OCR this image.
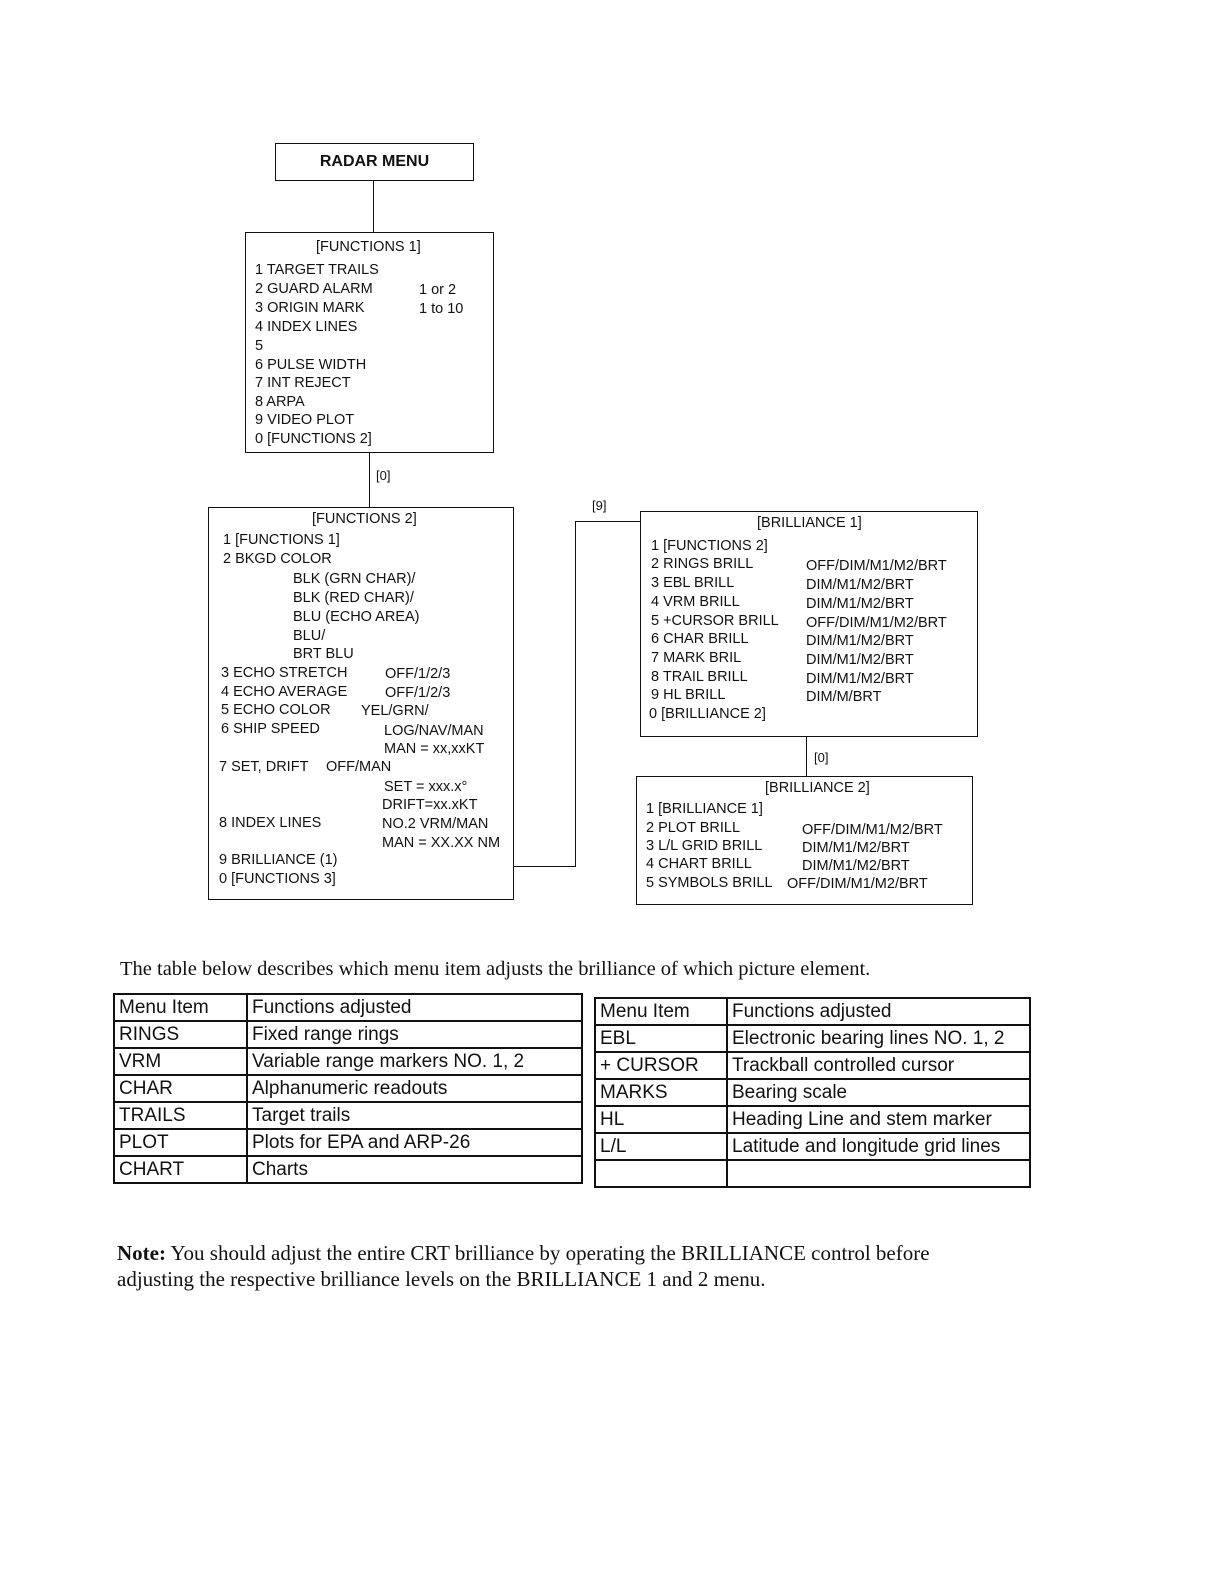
RADAR MENU
[FUNCTIONS 1]
1 TARGET TRAILS
2 GUARD ALARM	1 or 2
3 ORIGIN MARK	1 to 10
4 INDEX LINES
5
6 PULSE WIDTH
7 INT REJECT
8 ARPA
9 VIDEO PLOT
0 [FUNCTIONS 2]
[0]
[FUNCTIONS 2]
1 [FUNCTIONS 1]
2 BKGD COLOR
BLK (GRN CHAR)/
BLK (RED CHAR)/
BLU (ECHO AREA)
BLU/
BRT BLU
3 ECHO STRETCH	OFF/1/2/3
4 ECHO AVERAGE	OFF/1/2/3
5 ECHO COLOR YEL/GRN/
6 SHIP SPEED	LOG/NAV/MAN
MAN = xx,xxKT
7 SET, DRIFT OFF/MAN
SET = xxx.x°
DRIFT=xx.xKT
8 INDEX LINES	NO.2 VRM/MAN
MAN = XX.XX NM
9 BRILLIANCE (1)
0 [FUNCTIONS 3]
[9]
[BRILLIANCE 1]
1 [FUNCTIONS 2]
2 RINGS BRILL	OFF/DIM/M1/M2/BRT
3 EBL BRILL	DIM/M1/M2/BRT
4 VRM BRILL	DIM/M1/M2/BRT
5 +CURSOR BRILL OFF/DIM/M1/M2/BRT
6 CHAR BRILL	DIM/M1/M2/BRT
7 MARK BRIL	DIM/M1/M2/BRT
8 TRAIL BRILL	DIM/M1/M2/BRT
9 HL BRILL	DIM/M/BRT
0 [BRILLIANCE 2]
[0]
[BRILLIANCE 2]
1 [BRILLIANCE 1]
2 PLOT BRILL	OFF/DIM/M1/M2/BRT
3 L/L GRID BRILL	DIM/M1/M2/BRT
4 CHART BRILL	DIM/M1/M2/BRT
5 SYMBOLS BRILL OFF/DIM/M1/M2/BRT
The table below describes which menu item adjusts the brilliance of which picture element.
Menu Item	Functions adjusted
RINGS	Fixed range rings
VRM	Variable range markers NO. 1, 2
CHAR	Alphanumeric readouts
TRAILS	Target trails
PLOT	Plots for EPA and ARP-26
CHART	Charts
Menu Item	Functions adjusted
EBL	Electronic bearing lines NO. 1, 2
+ CURSOR	Trackball controlled cursor
MARKS	Bearing scale
HL	Heading Line and stem marker
L/L	Latitude and longitude grid lines

Note: You should adjust the entire CRT brilliance by operating the BRILLIANCE control before
adjusting the respective brilliance levels on the BRILLIANCE 1 and 2 menu.
